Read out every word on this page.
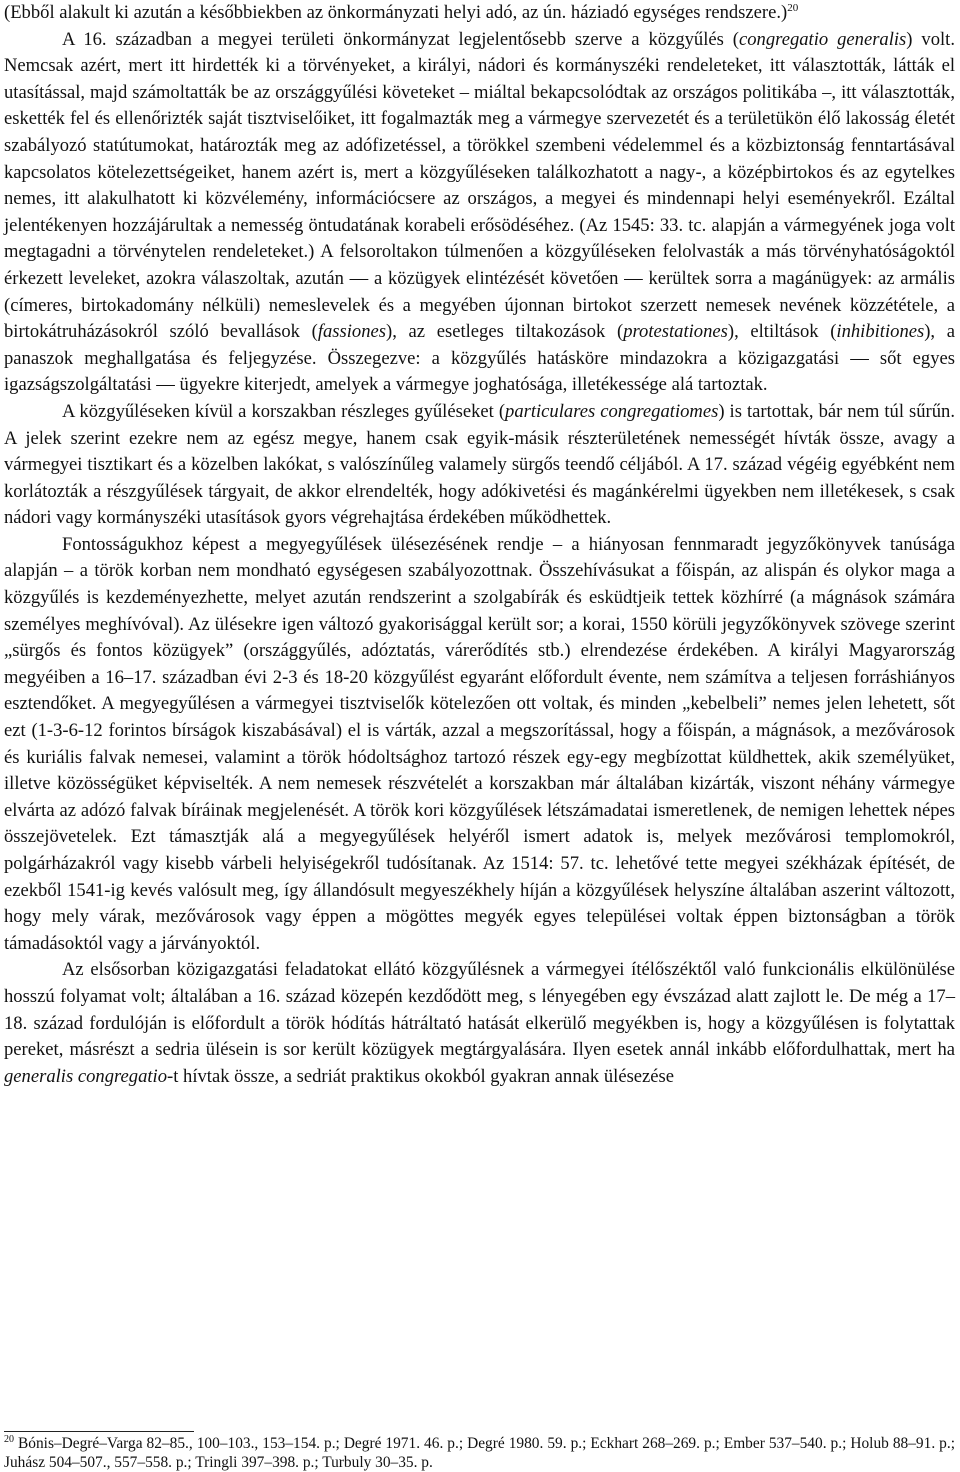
(Ebből alakult ki azután a későbbiekben az önkormányzati helyi adó, az ún. háziadó egységes rendszere.)$^{20}$

A 16. században a megyei területi önkormányzat legjelentősebb szerve a közgyűlés (congregatio generalis) volt. Nemcsak azért, mert itt hirdették ki a törvényeket, a királyi, nádori és kormányszéki rendeleteket, itt választották, látták el utasítással, majd számoltatták be az országgyűlési követeket – miáltal bekapcsolódtak az országos politikába –, itt választották, eskették fel és ellenőrizték saját tisztviselőiket, itt fogalmazták meg a vármegye szervezetét és a területükön élő lakosság életét szabályozó statútumokat, határozták meg az adófizetéssel, a törökkel szembeni védelemmel és a közbiztonság fenntartásával kapcsolatos kötelezettségeiket, hanem azért is, mert a közgyűléseken találkozhatott a nagy-, a középbirtokos és az egytelkes nemes, itt alakulhatott ki közvélemény, információcsere az országos, a megyei és mindennapi helyi eseményekről. Ezáltal jelentékenyen hozzájárultak a nemesség öntudatának korabeli erősödéséhez. (Az 1545: 33. tc. alapján a vármegyének joga volt megtagadni a törvénytelen rendeleteket.) A felsoroltakon túlmenően a közgyűléseken felolvasták a más törvényhatóságoktól érkezett leveleket, azokra válaszoltak, azután — a közügyek elintézését követően — kerültek sorra a magánügyek: az armális (címeres, birtokadomány nélküli) nemeslevelek és a megyében újonnan birtokot szerzett nemesek nevének közzététele, a birtokátruházásokról szóló bevallások (fassiones), az esetleges tiltakozások (protestationes), eltiltások (inhibitiones), a panaszok meghallgatása és feljegyzése. Összegezve: a közgyűlés hatásköre mindazokra a közigazgatási — sőt egyes igazságszolgáltatási — ügyekre kiterjedt, amelyek a vármegye joghatósága, illetékessége alá tartoztak.

A közgyűléseken kívül a korszakban részleges gyűléseket (particulares congregatiomes) is tartottak, bár nem túl sűrűn. A jelek szerint ezekre nem az egész megye, hanem csak egyik-másik részterületének nemességét hívták össze, avagy a vármegyei tisztikart és a közelben lakókat, s valószínűleg valamely sürgős teendő céljából. A 17. század végéig egyébként nem korlátozták a részgyűlések tárgyait, de akkor elrendelték, hogy adókivetési és magánkérelmi ügyekben nem illetékesek, s csak nádori vagy kormányszéki utasítások gyors végrehajtása érdekében működhettek.

Fontosságukhoz képest a megyegyűlések ülésezésének rendje – a hiányosan fennmaradt jegyzőkönyvek tanúsága alapján – a török korban nem mondható egységesen szabályozottnak. Összehívásukat a főispán, az alispán és olykor maga a közgyűlés is kezdeményezhette, melyet azután rendszerint a szolgabírák és esküdtjeik tettek közhírré (a mágnások számára személyes meghívóval). Az ülésekre igen változó gyakorisággal került sor; a korai, 1550 körüli jegyzőkönyvek szövege szerint „sürgős és fontos közügyek” (országgyűlés, adóztatás, várerődítés stb.) elrendezése érdekében. A királyi Magyarország megyéiben a 16–17. században évi 2-3 és 18-20 közgyűlést egyaránt előfordult évente, nem számítva a teljesen forráshiányos esztendőket. A megyegyűlésen a vármegyei tisztviselők kötelezően ott voltak, és minden „kebelbeli” nemes jelen lehetett, sőt ezt (1-3-6-12 forintos bírságok kiszabásával) el is várták, azzal a megszorítással, hogy a főispán, a mágnások, a mezővárosok és kuriális falvak nemesei, valamint a török hódoltsághoz tartozó részek egy-egy megbízottat küldhettek, akik személyüket, illetve közösségüket képviselték. A nem nemesek részvételét a korszakban már általában kizárták, viszont néhány vármegye elvárta az adózó falvak bíráinak megjelenését. A török kori közgyűlések létszámadatai ismeretlenek, de nemigen lehettek népes összejövetelek. Ezt támasztják alá a megyegyűlések helyéről ismert adatok is, melyek mezővárosi templomokról, polgárházakról vagy kisebb várbeli helyiségekről tudósítanak. Az 1514: 57. tc. lehetővé tette megyei székházak építését, de ezekből 1541-ig kevés valósult meg, így állandósult megyeszékhely híján a közgyűlések helyszíne általában aszerint változott, hogy mely várak, mezővárosok vagy éppen a mögöttes megyék egyes települései voltak éppen biztonságban a török támadásoktól vagy a járványoktól.

Az elsősorban közigazgatási feladatokat ellátó közgyűlésnek a vármegyei ítélőszéktől való funkcionális elkülönülése hosszú folyamat volt; általában a 16. század közepén kezdődött meg, s lényegében egy évszázad alatt zajlott le. De még a 17–18. század fordulóján is előfordult a török hódítás hátráltató hatását elkerülő megyékben is, hogy a közgyűlésen is folytattak pereket, másrészt a sedria ülésein is sor került közügyek megtárgyalására. Ilyen esetek annál inkább előfordulhattak, mert ha generalis congregatio-t hívtak össze, a sedriát praktikus okokból gyakran annak ülésezése

$^{20}$ Bónis–Degré–Varga 82–85., 100–103., 153–154. p.; Degré 1971. 46. p.; Degré 1980. 59. p.; Eckhart 268–269. p.; Ember 537–540. p.; Holub 88–91. p.; Juhász 504–507., 557–558. p.; Tringli 397–398. p.; Turbuly 30–35. p.
